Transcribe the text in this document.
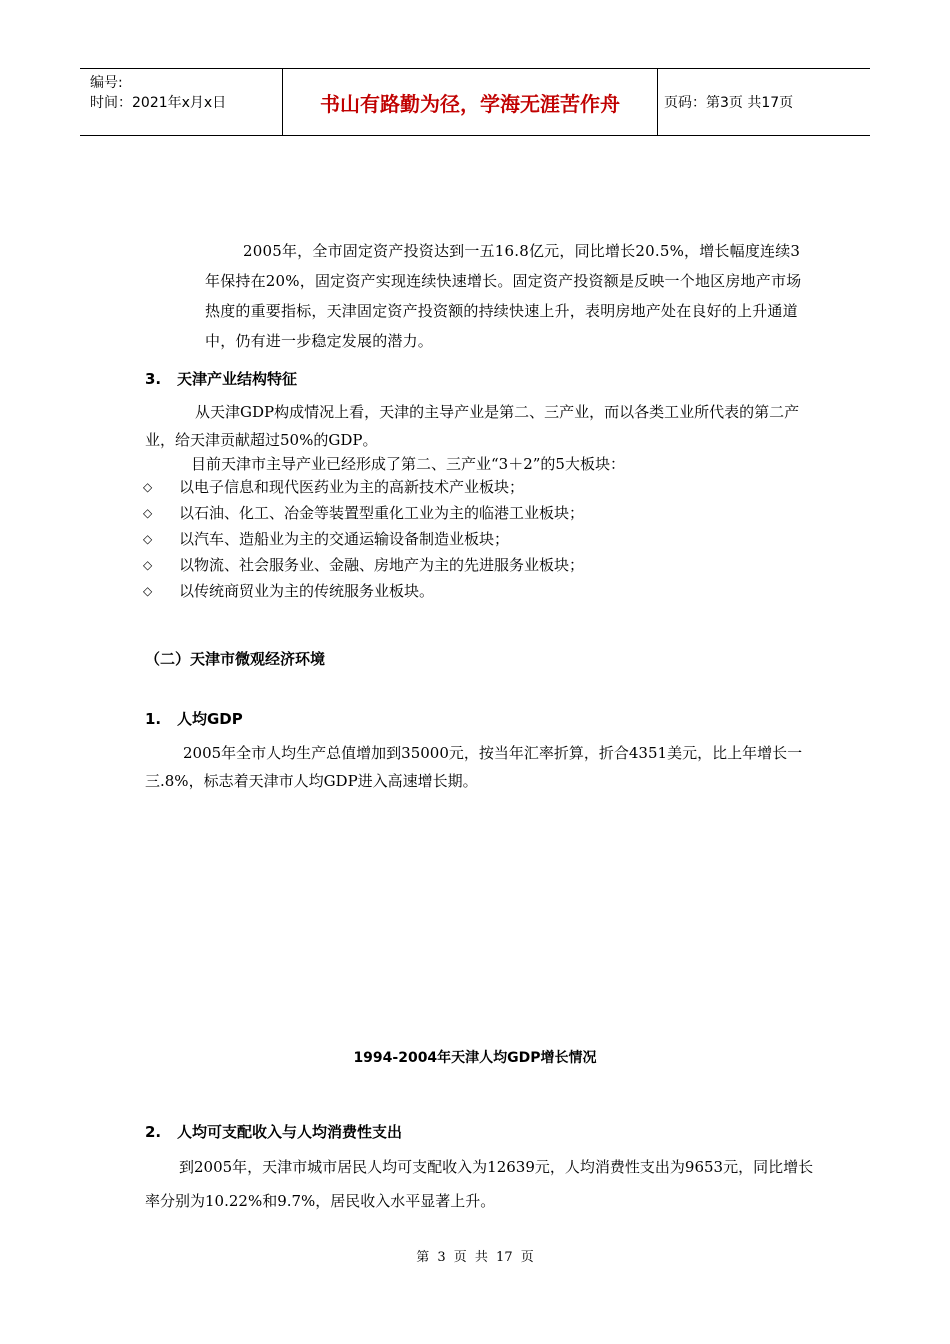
编号:
时间：2021年x月x日	书山有路勤为径，学海无涯苦作舟	页码：第3页 共17页
2005年，全市固定资产投资达到一五16.8亿元，同比增长20.5%，增长幅度连续3年保持在20%，固定资产实现连续快速增长。固定资产投资额是反映一个地区房地产市场热度的重要指标，天津固定资产投资额的持续快速上升，表明房地产处在良好的上升通道中，仍有进一步稳定发展的潜力。
3. 天津产业结构特征
从天津GDP构成情况上看，天津的主导产业是第二、三产业，而以各类工业所代表的第二产业，给天津贡献超过50%的GDP。
目前天津市主导产业已经形成了第二、三产业“3＋2”的5大板块：
◇	以电子信息和现代医药业为主的高新技术产业板块；
◇	以石油、化工、冶金等装置型重化工业为主的临港工业板块；
◇	以汽车、造船业为主的交通运输设备制造业板块；
◇	以物流、社会服务业、金融、房地产为主的先进服务业板块；
◇	以传统商贸业为主的传统服务业板块。
（二）天津市微观经济环境
1. 人均GDP
2005年全市人均生产总值增加到35000元，按当年汇率折算，折合4351美元，比上年增长一三.8%，标志着天津市人均GDP进入高速增长期。
1994-2004年天津人均GDP增长情况
2. 人均可支配收入与人均消费性支出
到2005年，天津市城市居民人均可支配收入为12639元，人均消费性支出为9653元，同比增长率分别为10.22%和9.7%，居民收入水平显著上升。
第 3 页 共 17 页
